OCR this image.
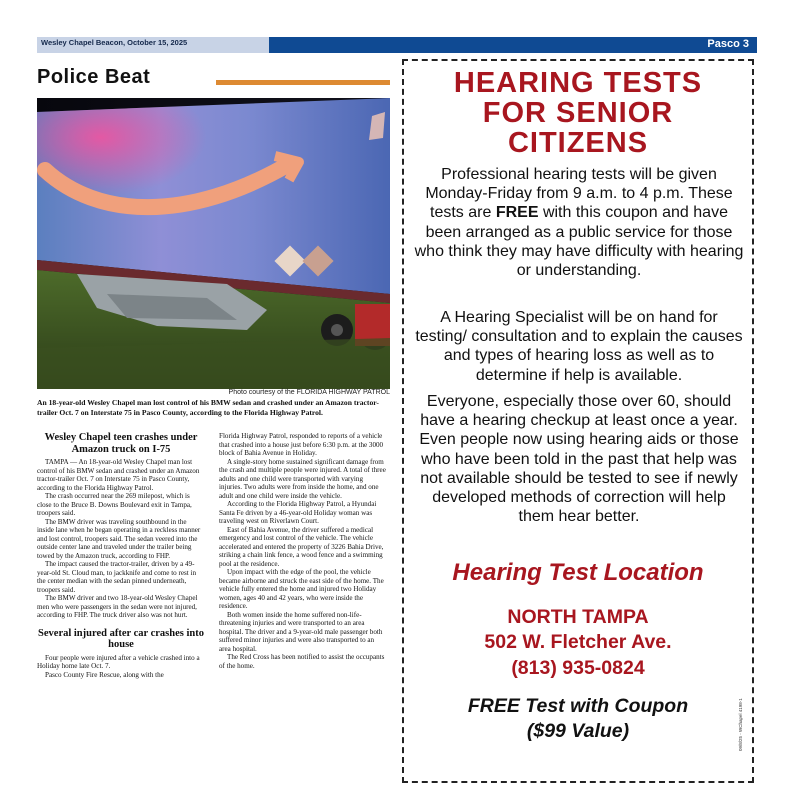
Wesley Chapel Beacon, October 15, 2025	Pasco 3
Police Beat
Photo courtesy of the FLORIDA HIGHWAY PATROL
An 18-year-old Wesley Chapel man lost control of his BMW sedan and crashed under an Amazon tractor-trailer Oct. 7 on Interstate 75 in Pasco County, according to the Florida Highway Patrol.
Wesley Chapel teen crashes under Amazon truck on I-75

TAMPA — An 18-year-old Wesley Chapel man lost control of his BMW sedan and crashed under an Amazon tractor-trailer Oct. 7 on Interstate 75 in Pasco County, according to the Florida Highway Patrol.

The crash occurred near the 269 milepost, which is close to the Bruce B. Downs Boulevard exit in Tampa, troopers said.

The BMW driver was traveling southbound in the inside lane when he began operating in a reckless manner and lost control, troopers said. The sedan veered into the outside center lane and traveled under the trailer being towed by the Amazon truck, according to FHP.

The impact caused the tractor-trailer, driven by a 49-year-old St. Cloud man, to jackknife and come to rest in the center median with the sedan pinned underneath, troopers said.

The BMW driver and two 18-year-old Wesley Chapel men who were passengers in the sedan were not injured, according to FHP. The truck driver also was not hurt.

Several injured after car crashes into house

Four people were injured after a vehicle crashed into a Holiday home late Oct. 7.

Pasco County Fire Rescue, along with the

Florida Highway Patrol, responded to reports of a vehicle that crashed into a house just before 6:30 p.m. at the 3000 block of Bahia Avenue in Holiday.

A single-story home sustained significant damage from the crash and multiple people were injured. A total of three adults and one child were transported with varying injuries. Two adults were from inside the home, and one adult and one child were inside the vehicle.

According to the Florida Highway Patrol, a Hyundai Santa Fe driven by a 46-year-old Holiday woman was traveling west on Riverlawn Court.

East of Bahia Avenue, the driver suffered a medical emergency and lost control of the vehicle. The vehicle accelerated and entered the property of 3226 Bahia Drive, striking a chain link fence, a wood fence and a swimming pool at the residence.

Upon impact with the edge of the pool, the vehicle became airborne and struck the east side of the home. The vehicle fully entered the home and injured two Holiday women, ages 40 and 42 years, who were inside the residence.

Both women inside the home suffered non-life-threatening injuries and were transported to an area hospital. The driver and a 9-year-old male passenger both suffered minor injuries and were also transported to an area hospital.

The Red Cross has been notified to assist the occupants of the home.

HEARING TESTS FOR SENIOR CITIZENS
Professional hearing tests will be given Monday-Friday from 9 a.m. to 4 p.m. These tests are FREE with this coupon and have been arranged as a public service for those who think they may have difficulty with hearing or understanding.
A Hearing Specialist will be on hand for testing/ consultation and to explain the causes and types of hearing loss as well as to determine if help is available.
Everyone, especially those over 60, should have a hearing checkup at least once a year. Even people now using hearing aids or those who have been told in the past that help was not available should be tested to see if newly developed methods of correction will help them hear better.
Hearing Test Location
NORTH TAMPA
502 W. Fletcher Ave.
(813) 935-0824
FREE Test with Coupon
($99 Value)	09/8/25 - WChapel 4198-1
